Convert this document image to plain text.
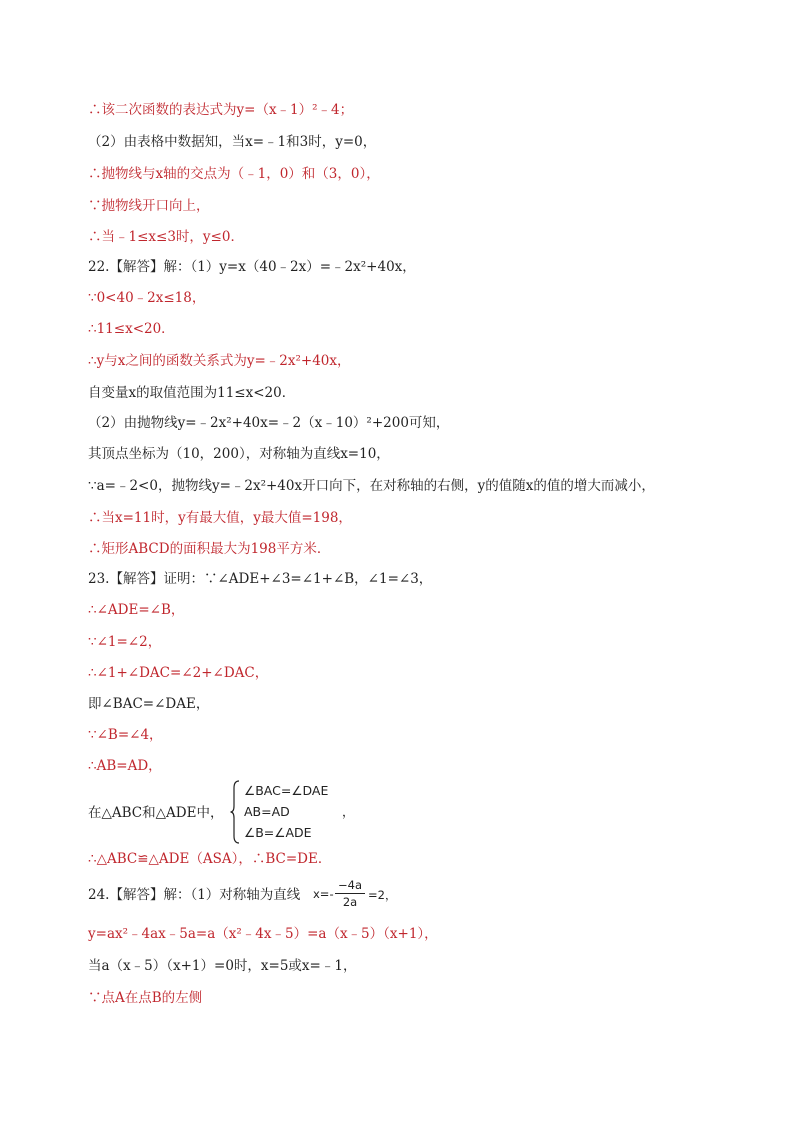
∴该二次函数的表达式为y=（x﹣1）²﹣4；
（2）由表格中数据知，当x=﹣1和3时，y=0，
∴抛物线与x轴的交点为（﹣1，0）和（3，0），
∵抛物线开口向上，
∴当﹣1≤x≤3时，y≤0．
22.【解答】解：（1）y=x（40﹣2x）=﹣2x²+40x，
∵0<40﹣2x≤18，
∴11≤x<20．
∴y与x之间的函数关系式为y=﹣2x²+40x，
自变量x的取值范围为11≤x<20．
（2）由抛物线y=﹣2x²+40x=﹣2（x﹣10）²+200可知，
其顶点坐标为（10，200），对称轴为直线x=10，
∵a=﹣2<0，抛物线y=﹣2x²+40x开口向下，在对称轴的右侧，y的值随x的值的增大而减小，
∴当x=11时，y有最大值，y最大值=198，
∴矩形ABCD的面积最大为198平方米．
23.【解答】证明：∵∠ADE+∠3=∠1+∠B，∠1=∠3，
∴∠ADE=∠B，
∵∠1=∠2，
∴∠1+∠DAC=∠2+∠DAC，
即∠BAC=∠DAE，
∵∠B=∠4，
∴AB=AD，
在△ABC和△ADE中，
∠BAC=∠DAE
AB=AD
∠B=∠ADE
，
∴△ABC≌△ADE（ASA），∴BC=DE．
24.【解答】解：（1）对称轴为直线

x=-

−4a

2a

=2，

y=ax²﹣4ax﹣5a=a（x²﹣4x﹣5）=a（x﹣5）（x+1），
当a（x﹣5）（x+1）=0时，x=5或x=﹣1，
∵点A在点B的左侧
